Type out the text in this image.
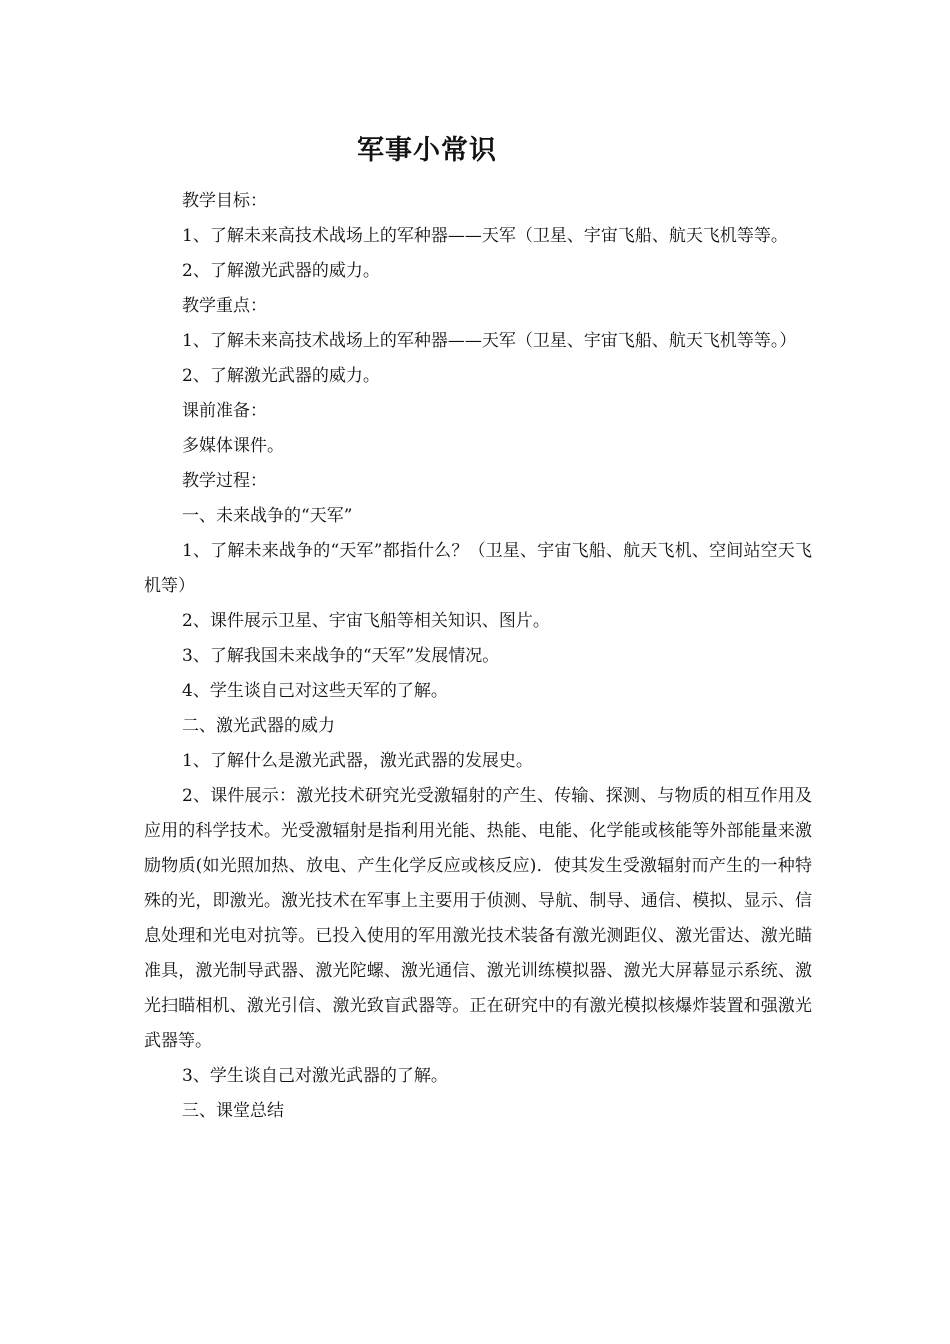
军事小常识

教学目标：

1、了解未来高技术战场上的军种器——天军（卫星、宇宙飞船、航天飞机等等。

2、了解激光武器的威力。

教学重点：

1、了解未来高技术战场上的军种器——天军（卫星、宇宙飞船、航天飞机等等。）

2、了解激光武器的威力。

课前准备：

多媒体课件。

教学过程：

一、未来战争的“天军”

1、了解未来战争的“天军”都指什么？（卫星、宇宙飞船、航天飞机、空间站空天飞机等）

2、课件展示卫星、宇宙飞船等相关知识、图片。

3、了解我国未来战争的“天军”发展情况。

4、学生谈自己对这些天军的了解。

二、激光武器的威力

1、了解什么是激光武器，激光武器的发展史。

2、课件展示：激光技术研究光受激辐射的产生、传输、探测、与物质的相互作用及应用的科学技术。光受激辐射是指利用光能、热能、电能、化学能或核能等外部能量来激励物质(如光照加热、放电、产生化学反应或核反应)．使其发生受激辐射而产生的一种特殊的光，即激光。激光技术在军事上主要用于侦测、导航、制导、通信、模拟、显示、信息处理和光电对抗等。已投入使用的军用激光技术装备有激光测距仪、激光雷达、激光瞄准具，激光制导武器、激光陀螺、激光通信、激光训练模拟器、激光大屏幕显示系统、激光扫瞄相机、激光引信、激光致盲武器等。正在研究中的有激光模拟核爆炸装置和强激光武器等。

3、学生谈自己对激光武器的了解。

三、课堂总结
